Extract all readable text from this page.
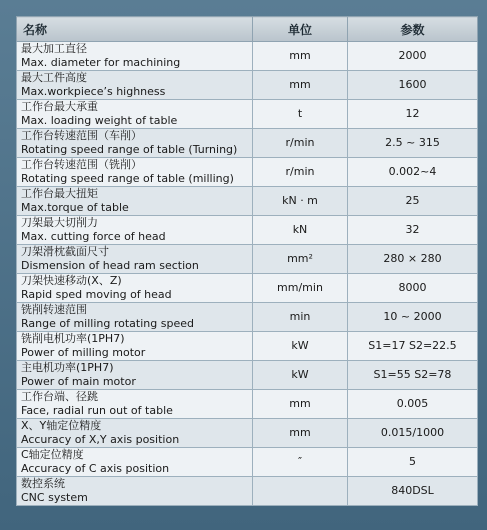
名称	单位	参数

最大加工直径
Max. diameter for machining	mm	2000

最大工件高度
Max.workpiece’s highness	mm	1600

工作台最大承重
Max. loading weight of table	t	12

工作台转速范围（车削）
Rotating speed range of table (Turning)	r/min	2.5 ~ 315

工作台转速范围（铣削）
Rotating speed range of table (milling)	r/min	0.002~4

工作台最大扭矩
Max.torque of table	kN · m	25

刀架最大切削力
Max. cutting force of head	kN	32

刀架滑枕截面尺寸
Dismension of head ram section	mm²	280 × 280

刀架快速移动(X、Z)
Rapid sped moving of head	mm/min	8000

铣削转速范围
Range of milling rotating speed	min	10 ~ 2000

铣削电机功率(1PH7)
Power of milling motor	kW	S1=17 S2=22.5

主电机功率(1PH7)
Power of main motor	kW	S1=55 S2=78

工作台端、径跳
Face, radial run out of table	mm	0.005

X、Y轴定位精度
Accuracy of X,Y axis position	mm	0.015/1000

C轴定位精度
Accuracy of C axis position	″	5

数控系统
CNC system		840DSL
